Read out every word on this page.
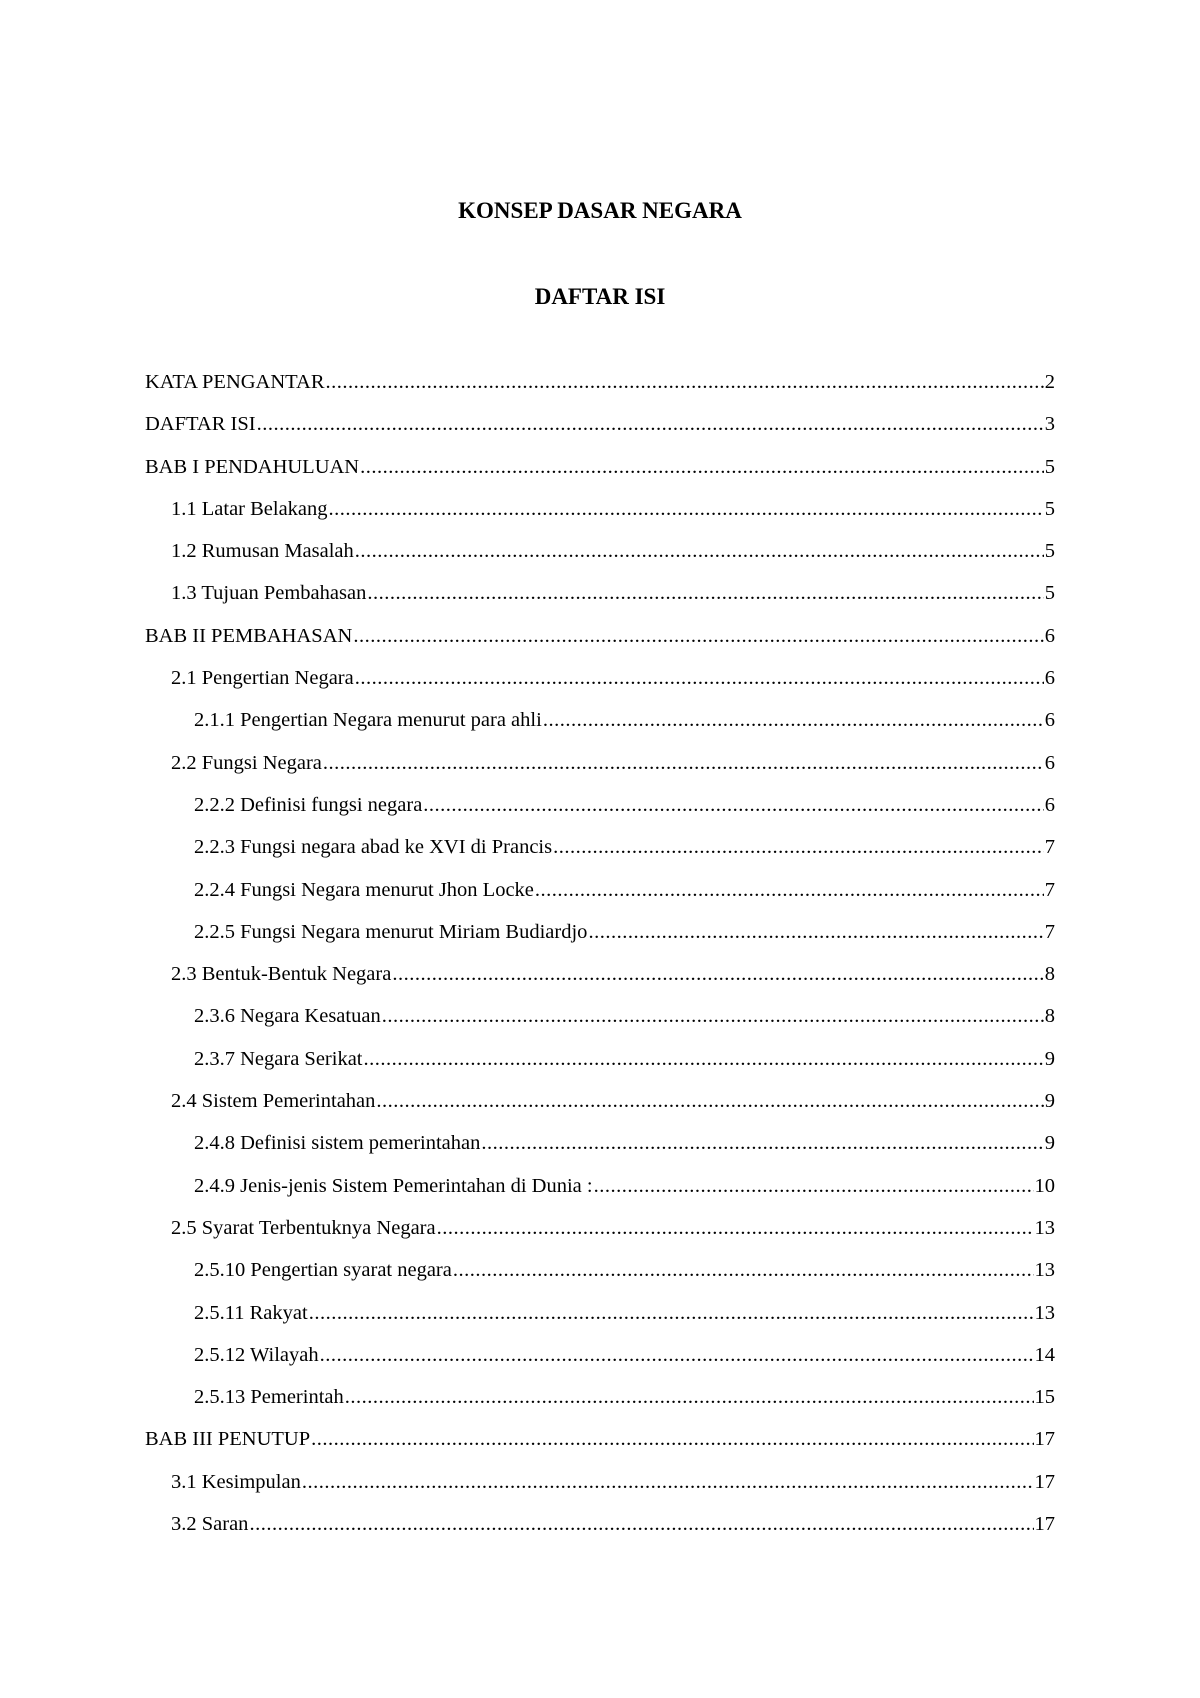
KONSEP DASAR NEGARA
DAFTAR ISI
KATA PENGANTAR .....	2
DAFTAR ISI .....	3
BAB I PENDAHULUAN .....	5
1.1 Latar Belakang .....	5
1.2 Rumusan Masalah .....	5
1.3 Tujuan Pembahasan .....	5
BAB II PEMBAHASAN .....	6
2.1 Pengertian Negara .....	6
2.1.1 Pengertian Negara menurut para ahli .....	6
2.2 Fungsi Negara .....	6
2.2.2 Definisi fungsi negara .....	6
2.2.3 Fungsi negara abad ke XVI di Prancis .....	7
2.2.4 Fungsi Negara menurut Jhon Locke .....	7
2.2.5 Fungsi Negara menurut Miriam Budiardjo .....	7
2.3 Bentuk-Bentuk Negara .....	8
2.3.6 Negara Kesatuan .....	8
2.3.7 Negara Serikat .....	9
2.4 Sistem Pemerintahan .....	9
2.4.8 Definisi sistem pemerintahan .....	9
2.4.9 Jenis-jenis Sistem Pemerintahan di Dunia : .....	10
2.5 Syarat Terbentuknya Negara .....	13
2.5.10 Pengertian syarat negara .....	13
2.5.11 Rakyat .....	13
2.5.12 Wilayah .....	14
2.5.13 Pemerintah .....	15
BAB III PENUTUP .....	17
3.1 Kesimpulan .....	17
3.2 Saran .....	17
